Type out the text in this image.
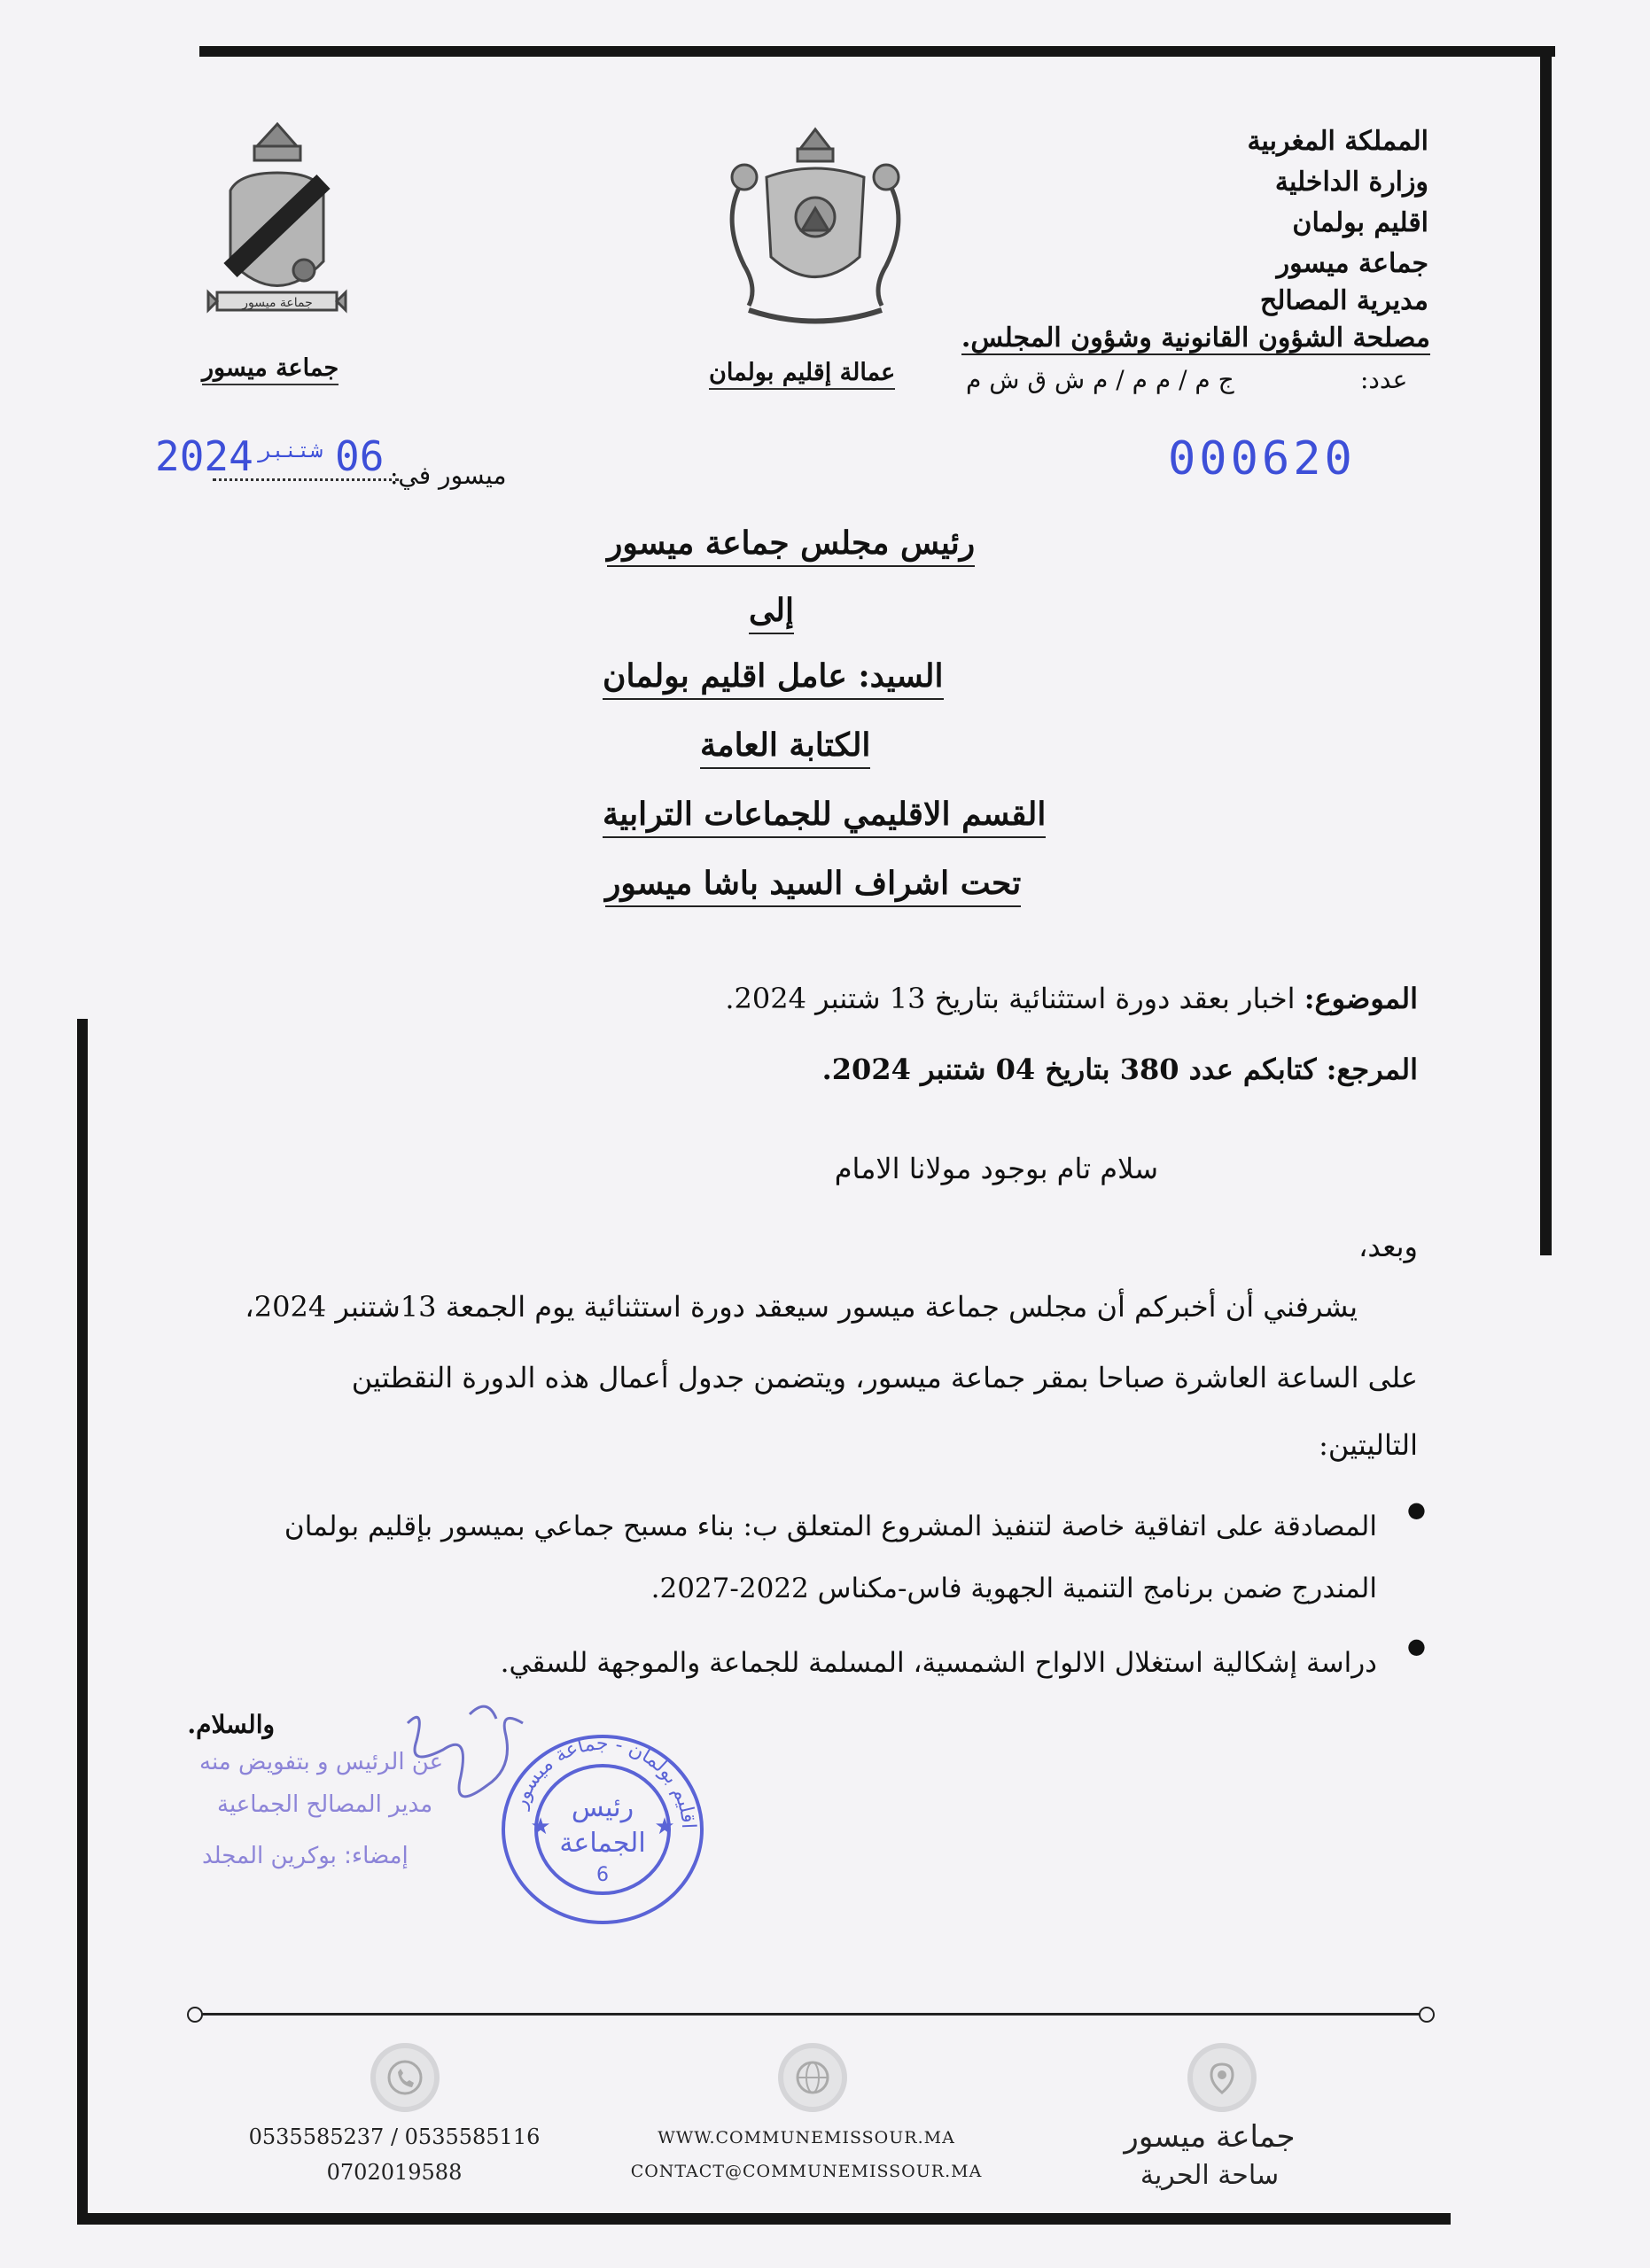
المملكة المغربية
وزارة الداخلية
اقليم بولمان
جماعة ميسور
مديرية المصالح
مصلحة الشؤون القانونية وشؤون المجلس.
عدد:
ج م / م م / م ش ق ش م
عمالة إقليم بولمان
جماعة ميسور
جماعة ميسور
000620
2024 شتنبر 06 ميسور في:
رئيس مجلس جماعة ميسور
إلى
السيد: عامل اقليم بولمان
الكتابة العامة
القسم الاقليمي للجماعات الترابية
تحت اشراف السيد باشا ميسور
الموضوع: اخبار بعقد دورة استثنائية بتاريخ 13 شتنبر 2024.
المرجع: كتابكم عدد 380 بتاريخ 04 شتنبر 2024.
سلام تام بوجود مولانا الامام
وبعد،
يشرفني أن أخبركم أن مجلس جماعة ميسور سيعقد دورة استثنائية يوم الجمعة 13شتنبر 2024،
على الساعة العاشرة صباحا بمقر جماعة ميسور، ويتضمن جدول أعمال هذه الدورة النقطتين
التاليتين:
● المصادقة على اتفاقية خاصة لتنفيذ المشروع المتعلق ب: بناء مسبح جماعي بميسور بإقليم بولمان
المندرج ضمن برنامج التنمية الجهوية فاس-مكناس 2022-2027.
● دراسة إشكالية استغلال الالواح الشمسية، المسلمة للجماعة والموجهة للسقي.
والسلام.
عن الرئيس و بتفويض منه
مدير المصالح الجماعية
إمضاء: بوكرين المجلد
اقليم بولمان - جماعة ميسور
رئيس
الجماعة
6
★	★
0535585237 / 0535585116
0702019588
WWW.COMMUNEMISSOUR.MA
CONTACT@COMMUNEMISSOUR.MA
جماعة ميسور
ساحة الحرية
